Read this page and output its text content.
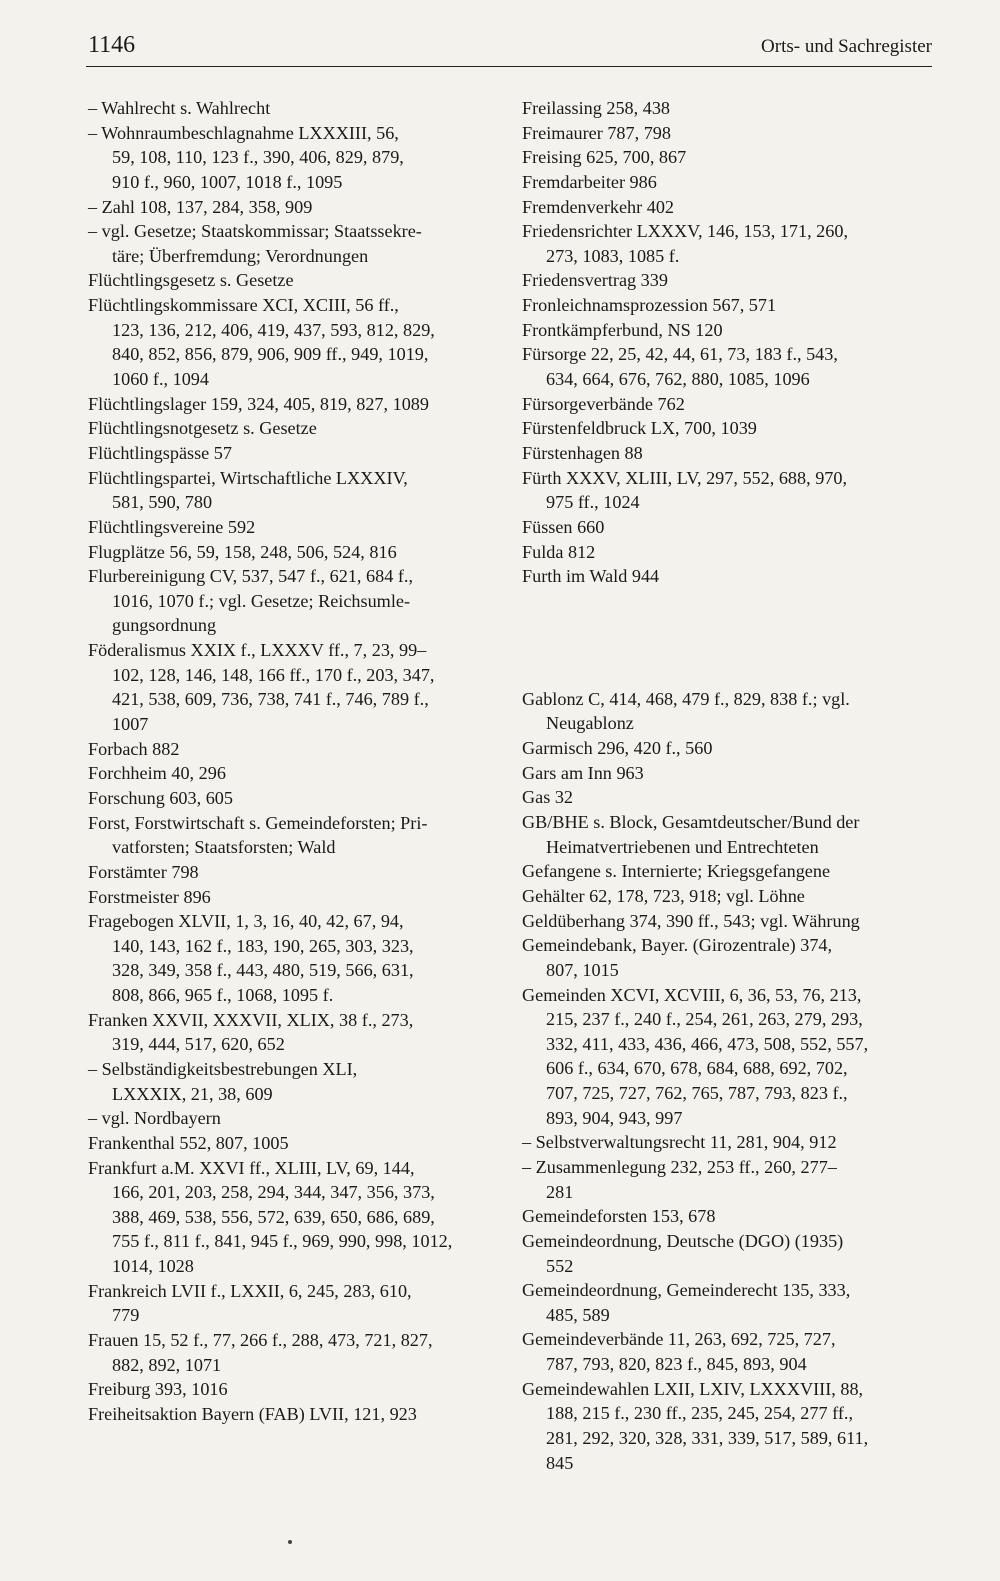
1146	Orts- und Sachregister
– Wahlrecht s. Wahlrecht
– Wohnraumbeschlagnahme LXXXIII, 56,
59, 108, 110, 123 f., 390, 406, 829, 879,
910 f., 960, 1007, 1018 f., 1095
– Zahl 108, 137, 284, 358, 909
– vgl. Gesetze; Staatskommissar; Staatssekre-
täre; Überfremdung; Verordnungen
Flüchtlingsgesetz s. Gesetze
Flüchtlingskommissare XCI, XCIII, 56 ff.,
123, 136, 212, 406, 419, 437, 593, 812, 829,
840, 852, 856, 879, 906, 909 ff., 949, 1019,
1060 f., 1094
Flüchtlingslager 159, 324, 405, 819, 827, 1089
Flüchtlingsnotgesetz s. Gesetze
Flüchtlingspässe 57
Flüchtlingspartei, Wirtschaftliche LXXXIV,
581, 590, 780
Flüchtlingsvereine 592
Flugplätze 56, 59, 158, 248, 506, 524, 816
Flurbereinigung CV, 537, 547 f., 621, 684 f.,
1016, 1070 f.; vgl. Gesetze; Reichsumle-
gungsordnung
Föderalismus XXIX f., LXXXV ff., 7, 23, 99–
102, 128, 146, 148, 166 ff., 170 f., 203, 347,
421, 538, 609, 736, 738, 741 f., 746, 789 f.,
1007
Forbach 882
Forchheim 40, 296
Forschung 603, 605
Forst, Forstwirtschaft s. Gemeindeforsten; Pri-
vatforsten; Staatsforsten; Wald
Forstämter 798
Forstmeister 896
Fragebogen XLVII, 1, 3, 16, 40, 42, 67, 94,
140, 143, 162 f., 183, 190, 265, 303, 323,
328, 349, 358 f., 443, 480, 519, 566, 631,
808, 866, 965 f., 1068, 1095 f.
Franken XXVII, XXXVII, XLIX, 38 f., 273,
319, 444, 517, 620, 652
– Selbständigkeitsbestrebungen XLI,
LXXXIX, 21, 38, 609
– vgl. Nordbayern
Frankenthal 552, 807, 1005
Frankfurt a.M. XXVI ff., XLIII, LV, 69, 144,
166, 201, 203, 258, 294, 344, 347, 356, 373,
388, 469, 538, 556, 572, 639, 650, 686, 689,
755 f., 811 f., 841, 945 f., 969, 990, 998, 1012,
1014, 1028
Frankreich LVII f., LXXII, 6, 245, 283, 610,
779
Frauen 15, 52 f., 77, 266 f., 288, 473, 721, 827,
882, 892, 1071
Freiburg 393, 1016
Freiheitsaktion Bayern (FAB) LVII, 121, 923
Freilassing 258, 438
Freimaurer 787, 798
Freising 625, 700, 867
Fremdarbeiter 986
Fremdenverkehr 402
Friedensrichter LXXXV, 146, 153, 171, 260,
273, 1083, 1085 f.
Friedensvertrag 339
Fronleichnamsprozession 567, 571
Frontkämpferbund, NS 120
Fürsorge 22, 25, 42, 44, 61, 73, 183 f., 543,
634, 664, 676, 762, 880, 1085, 1096
Fürsorgeverbände 762
Fürstenfeldbruck LX, 700, 1039
Fürstenhagen 88
Fürth XXXV, XLIII, LV, 297, 552, 688, 970,
975 ff., 1024
Füssen 660
Fulda 812
Furth im Wald 944
Gablonz C, 414, 468, 479 f., 829, 838 f.; vgl.
Neugablonz
Garmisch 296, 420 f., 560
Gars am Inn 963
Gas 32
GB/BHE s. Block, Gesamtdeutscher/Bund der
Heimatvertriebenen und Entrechteten
Gefangene s. Internierte; Kriegsgefangene
Gehälter 62, 178, 723, 918; vgl. Löhne
Geldüberhang 374, 390 ff., 543; vgl. Währung
Gemeindebank, Bayer. (Girozentrale) 374,
807, 1015
Gemeinden XCVI, XCVIII, 6, 36, 53, 76, 213,
215, 237 f., 240 f., 254, 261, 263, 279, 293,
332, 411, 433, 436, 466, 473, 508, 552, 557,
606 f., 634, 670, 678, 684, 688, 692, 702,
707, 725, 727, 762, 765, 787, 793, 823 f.,
893, 904, 943, 997
– Selbstverwaltungsrecht 11, 281, 904, 912
– Zusammenlegung 232, 253 ff., 260, 277–
281
Gemeindeforsten 153, 678
Gemeindeordnung, Deutsche (DGO) (1935)
552
Gemeindeordnung, Gemeinderecht 135, 333,
485, 589
Gemeindeverbände 11, 263, 692, 725, 727,
787, 793, 820, 823 f., 845, 893, 904
Gemeindewahlen LXII, LXIV, LXXXVIII, 88,
188, 215 f., 230 ff., 235, 245, 254, 277 ff.,
281, 292, 320, 328, 331, 339, 517, 589, 611,
845
